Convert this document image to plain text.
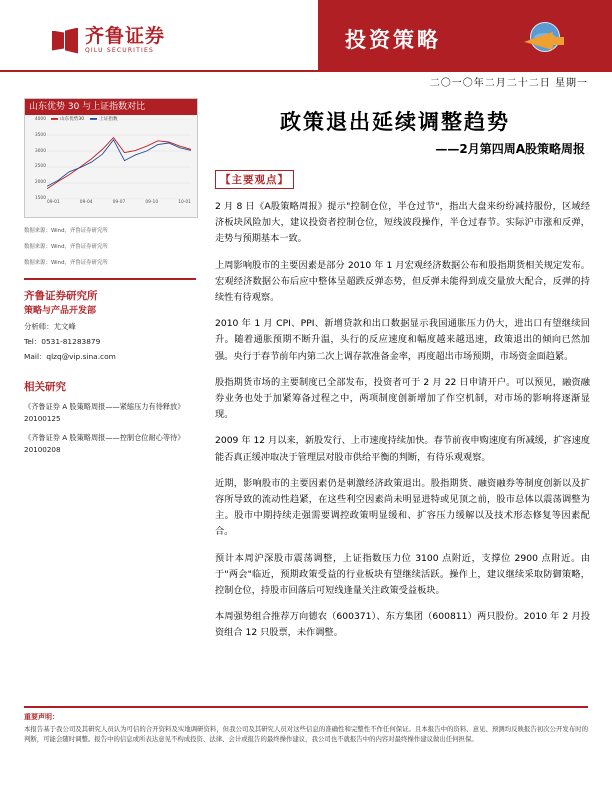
齐鲁证券
QILU SECURITIES	投资策略
二〇一〇年二月二十二日 星期一
政策退出延续调整趋势
——2月第四周A股策略周报
山东优势 30 与上证指数对比
山东优势30	上证指数
4000
3500
3000
2500
2000
1500
09-01	09-04	09-07	09-10	10-01
数据来源：Wind，齐鲁证券研究所
数据来源：Wind，齐鲁证券研究所
数据来源：Wind，齐鲁证券研究所
齐鲁证券研究所
策略与产品开发部
分析师：尤文峰
Tel：0531-81283879
Mail：qlzq@vip.sina.com
相关研究
《齐鲁证券 A 股策略周报——紧缩压力有待释放》20100125
《齐鲁证券 A 股策略周报——控制仓位耐心等待》20100208
【主要观点】
2 月 8 日《A股策略周报》提示"控制仓位，半仓过节"，指出大盘来纷纷减持服份，区域经济板块风险加大，建议投资者控制仓位，短线波段操作，半仓过春节。实际沪市涨和反弹，走势与预期基本一致。
上周影响股市的主要因素是部分 2010 年 1 月宏观经济数据公布和股指期货相关规定发布。宏观经济数据公布后应中整体呈超跌反弹态势，但反弹未能得到成交量放大配合，反弹的持续性有待观察。
2010 年 1 月 CPI、PPI、新增贷款和出口数据显示我国通胀压力仍大，进出口有望继续回升。随着通胀预期不断升温，头行的反应速度和幅度越来越迅速，政策退出的倾向已然加强。央行于春节前年内第二次上调存款准备金率，再度超出市场预期，市场资金面趋紧。
股指期货市场的主要制度已全部发布，投资者可于 2 月 22 日申请开户。可以预见，融资融券业务也处于加紧筹备过程之中，两项制度创新增加了作空机制，对市场的影响将逐渐显现。
2009 年 12 月以来，新股发行、上市速度持续加快。春节前夜申购速度有所减缓，扩容速度能否真正缓冲取决于管理层对股市供给平衡的判断，有待乐观观察。
近期，影响股市的主要因素仍是刺激经济政策退出。股指期货、融资融券等制度创新以及扩容所导致的流动性趋紧，在这些利空因素尚未明显进特或见顶之前，股市总体以震荡调整为主。股市中期持续走强需要调控政策明显缓和、扩容压力缓解以及技术形态修复等因素配合。
预计本周沪深股市震荡调整，上证指数压力位 3100 点附近，支撑位 2900 点附近。由于"两会"临近，预期政策受益的行业板块有望继续活跃。操作上，建议继续采取防御策略，控制仓位，持股市回落后可短线逢量关注政策受益板块。
本周强势组合推荐万向德农（600371）、东方集团（600811）两只股份。2010 年 2 月投资组合 12 只股票，未作调整。
重要声明：
本报告基于我公司及其研究人员认为可信的合开资料及实地调研资料，但我公司及其研究人员对这些信息的准确性和完整性不作任何保证。且本报告中的资料、意见、预测均反映报告初次公开发布时的判断，可能会随时调整。报告中的信息或所表达意见不构成投资、法律、会计或报告的最终操作建议，我公司也不就报告中的内容对最终操作建议做出任何担保。
